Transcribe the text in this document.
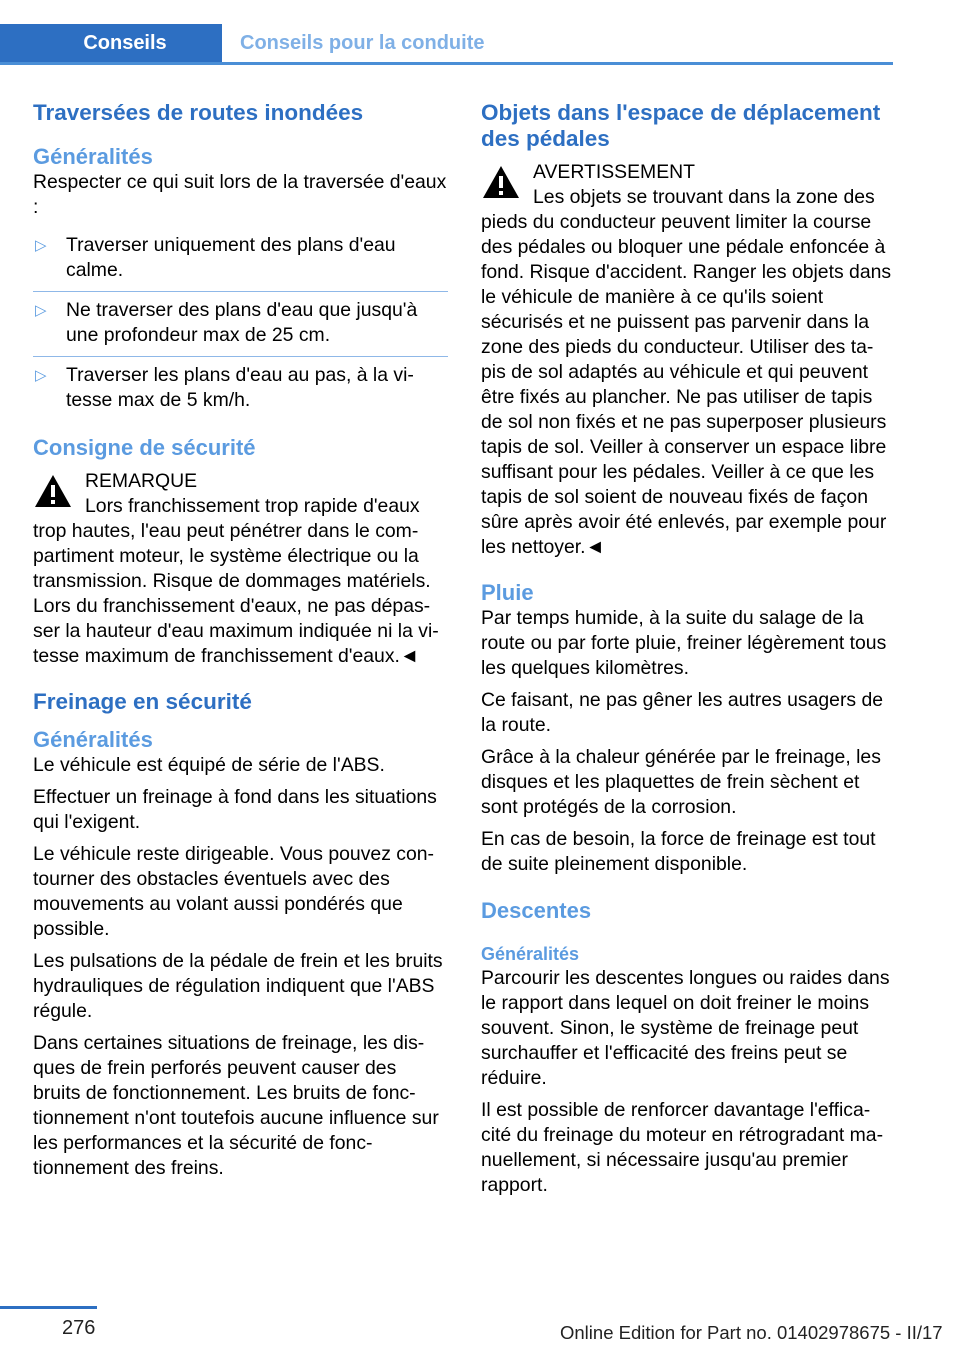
Conseils	Conseils pour la conduite
Traversées de routes inondées
Généralités

Respecter ce qui suit lors de la traversée d'eaux :

▷ Traverser uniquement des plans d'eau calme.
▷ Ne traverser des plans d'eau que jusqu'à une profondeur max de 25 cm.
▷ Traverser les plans d'eau au pas, à la vi‐tesse max de 5 km/h.
Consigne de sécurité
REMARQUE
Lors franchissement trop rapide d'eaux trop hautes, l'eau peut pénétrer dans le com‐partiment moteur, le système électrique ou la transmission. Risque de dommages matériels. Lors du franchissement d'eaux, ne pas dépas‐ser la hauteur d'eau maximum indiquée ni la vi‐tesse maximum de franchissement d'eaux.◄
Freinage en sécurité
Généralités

Le véhicule est équipé de série de l'ABS.

Effectuer un freinage à fond dans les situations qui l'exigent.

Le véhicule reste dirigeable. Vous pouvez con‐tourner des obstacles éventuels avec des mouvements au volant aussi pondérés que possible.

Les pulsations de la pédale de frein et les bruits hydrauliques de régulation indiquent que l'ABS régule.

Dans certaines situations de freinage, les dis‐ques de frein perforés peuvent causer des bruits de fonctionnement. Les bruits de fonc‐tionnement n'ont toutefois aucune influence sur les performances et la sécurité de fonc‐tionnement des freins.

Objets dans l'espace de déplacement des pédales
AVERTISSEMENT
Les objets se trouvant dans la zone des pieds du conducteur peuvent limiter la course des pédales ou bloquer une pédale enfoncée à fond. Risque d'accident. Ranger les objets dans le véhicule de manière à ce qu'ils soient sécurisés et ne puissent pas parvenir dans la zone des pieds du conducteur. Utiliser des ta‐pis de sol adaptés au véhicule et qui peuvent être fixés au plancher. Ne pas utiliser de tapis de sol non fixés et ne pas superposer plusieurs tapis de sol. Veiller à conserver un espace libre suffisant pour les pédales. Veiller à ce que les tapis de sol soient de nouveau fixés de façon sûre après avoir été enlevés, par exemple pour les nettoyer.◄
Pluie

Par temps humide, à la suite du salage de la route ou par forte pluie, freiner légèrement tous les quelques kilomètres.

Ce faisant, ne pas gêner les autres usagers de la route.

Grâce à la chaleur générée par le freinage, les disques et les plaquettes de frein sèchent et sont protégés de la corrosion.

En cas de besoin, la force de freinage est tout de suite pleinement disponible.

Descentes
Généralités

Parcourir les descentes longues ou raides dans le rapport dans lequel on doit freiner le moins souvent. Sinon, le système de freinage peut surchauffer et l'efficacité des freins peut se réduire.

Il est possible de renforcer davantage l'effica‐cité du freinage du moteur en rétrogradant ma‐nuellement, si nécessaire jusqu'au premier rapport.

276	Online Edition for Part no. 01402978675 - II/17
